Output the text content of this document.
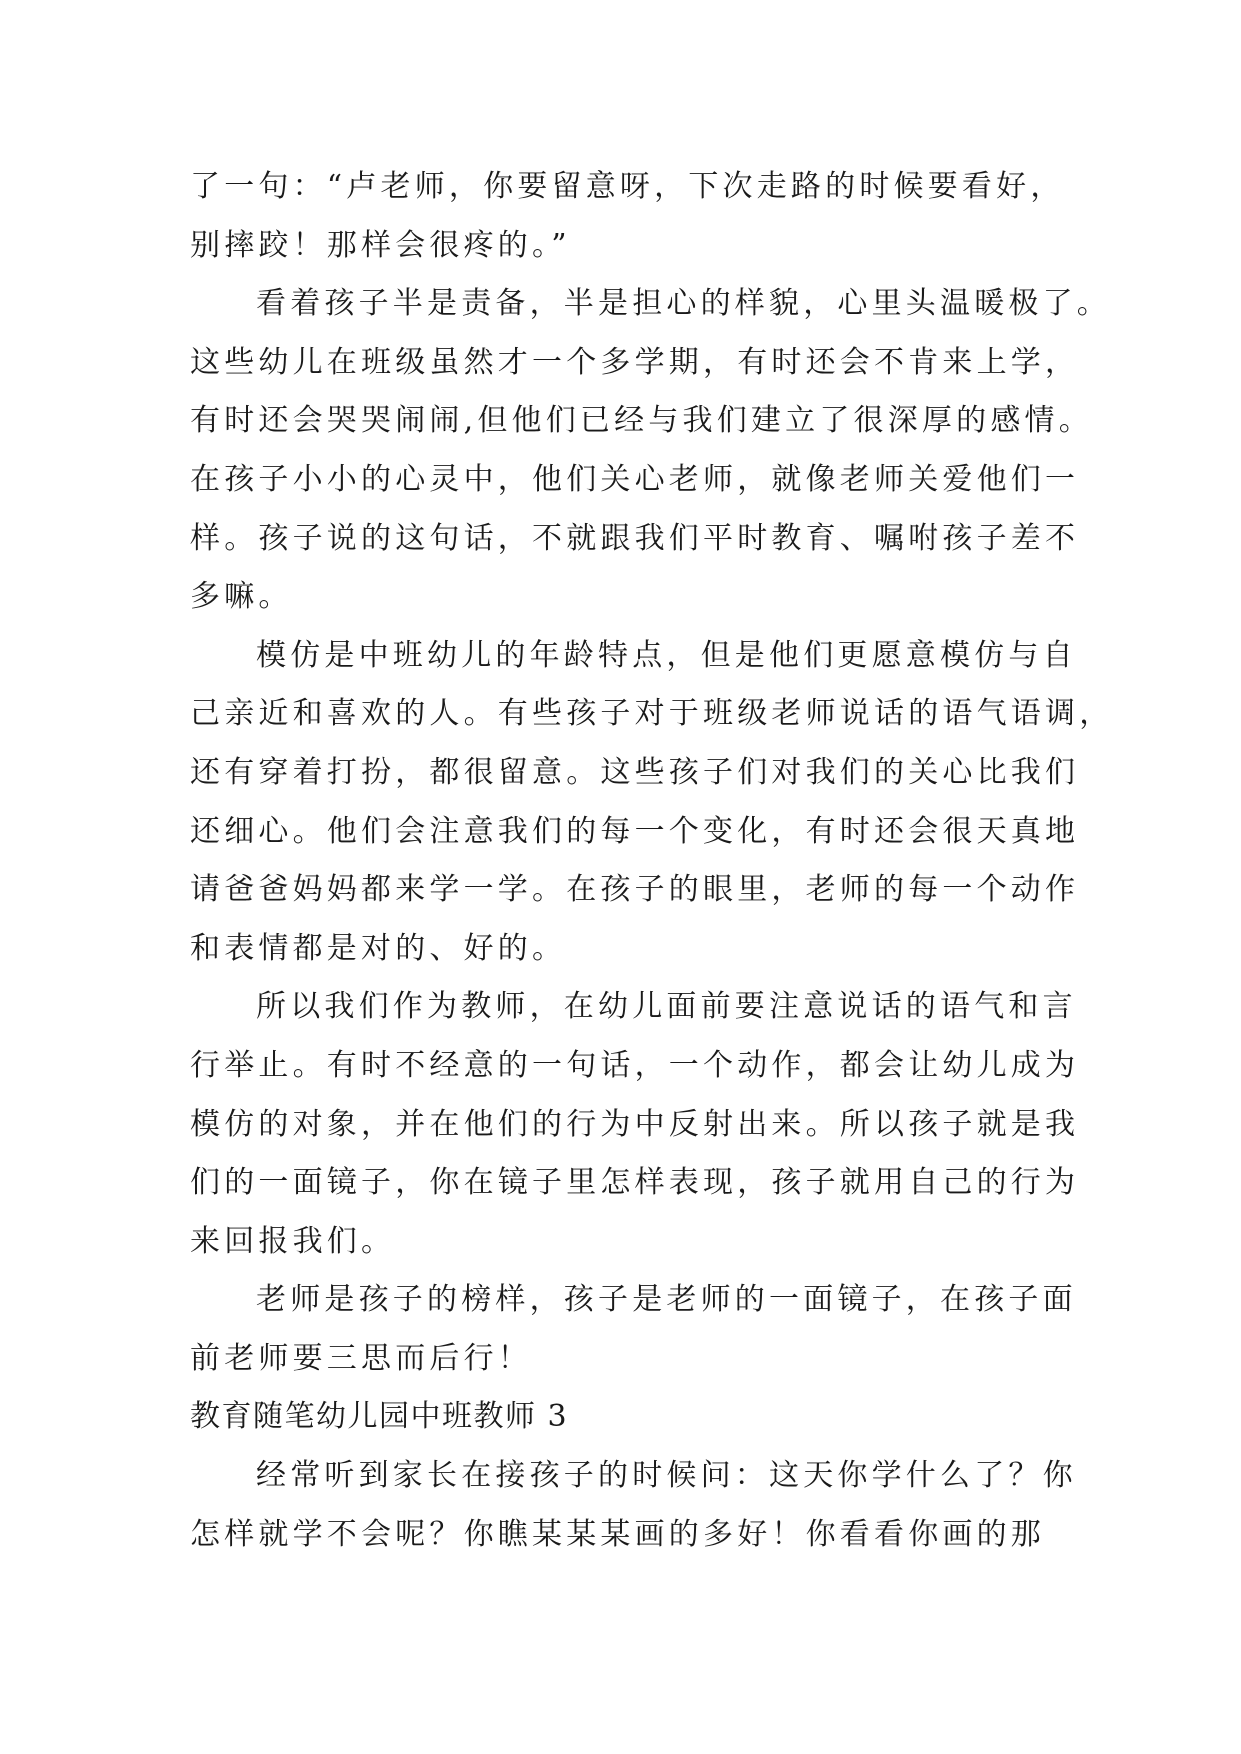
了一句：“卢老师，你要留意呀，下次走路的时候要看好，
别摔跤！那样会很疼的。”
看着孩子半是责备，半是担心的样貌，心里头温暖极了。
这些幼儿在班级虽然才一个多学期，有时还会不肯来上学，
有时还会哭哭闹闹,但他们已经与我们建立了很深厚的感情。
在孩子小小的心灵中，他们关心老师，就像老师关爱他们一
样。孩子说的这句话，不就跟我们平时教育、嘱咐孩子差不
多嘛。
模仿是中班幼儿的年龄特点，但是他们更愿意模仿与自
己亲近和喜欢的人。有些孩子对于班级老师说话的语气语调，
还有穿着打扮，都很留意。这些孩子们对我们的关心比我们
还细心。他们会注意我们的每一个变化，有时还会很天真地
请爸爸妈妈都来学一学。在孩子的眼里，老师的每一个动作
和表情都是对的、好的。
所以我们作为教师，在幼儿面前要注意说话的语气和言
行举止。有时不经意的一句话，一个动作，都会让幼儿成为
模仿的对象，并在他们的行为中反射出来。所以孩子就是我
们的一面镜子，你在镜子里怎样表现，孩子就用自己的行为
来回报我们。
老师是孩子的榜样，孩子是老师的一面镜子，在孩子面
前老师要三思而后行！
教育随笔幼儿园中班教师 3
经常听到家长在接孩子的时候问：这天你学什么了？你
怎样就学不会呢？你瞧某某某画的多好！你看看你画的那
